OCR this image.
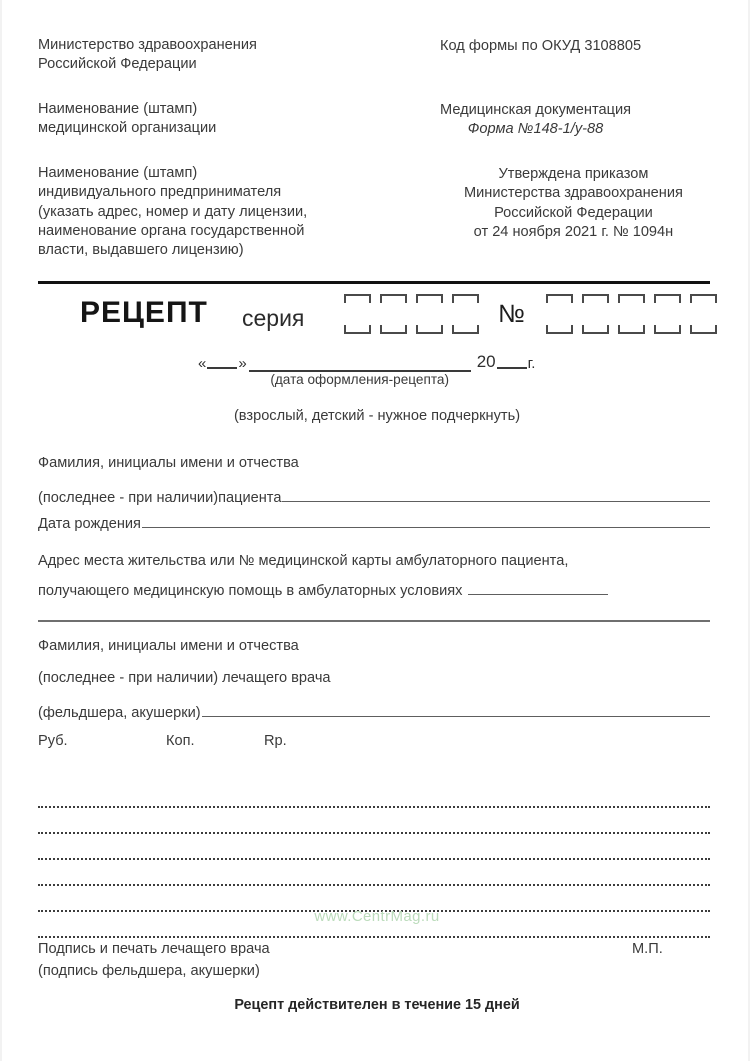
Министерство здравоохранения
Российской Федерации
Наименование (штамп)
медицинской организации
Наименование (штамп)
индивидуального предпринимателя
(указать адрес, номер и дату лицензии,
наименование органа государственной
власти, выдавшего лицензию)
Код формы по ОКУД 3108805
Медицинская документация
Форма №148-1/у-88
Утверждена приказом
Министерства здравоохранения
Российской Федерации
от 24 ноября 2021 г. № 1094н
РЕЦЕПТ серия	№
« »
(дата оформления-рецепта)
20 г.
(взрослый, детский - нужное подчеркнуть)
Фамилия, инициалы имени и отчества
(последнее - при наличии)пациента
Дата рождения
Адрес места жительства или № медицинской карты амбулаторного пациента,
получающего медицинскую помощь в амбулаторных условиях
Фамилия, инициалы имени и отчества
(последнее - при наличии) лечащего врача
(фельдшера, акушерки)
Руб.	Коп.	Rp.
www.CentrMag.ru
Подпись и печать лечащего врача
(подпись фельдшера, акушерки)
М.П.
Рецепт действителен в течение 15 дней
